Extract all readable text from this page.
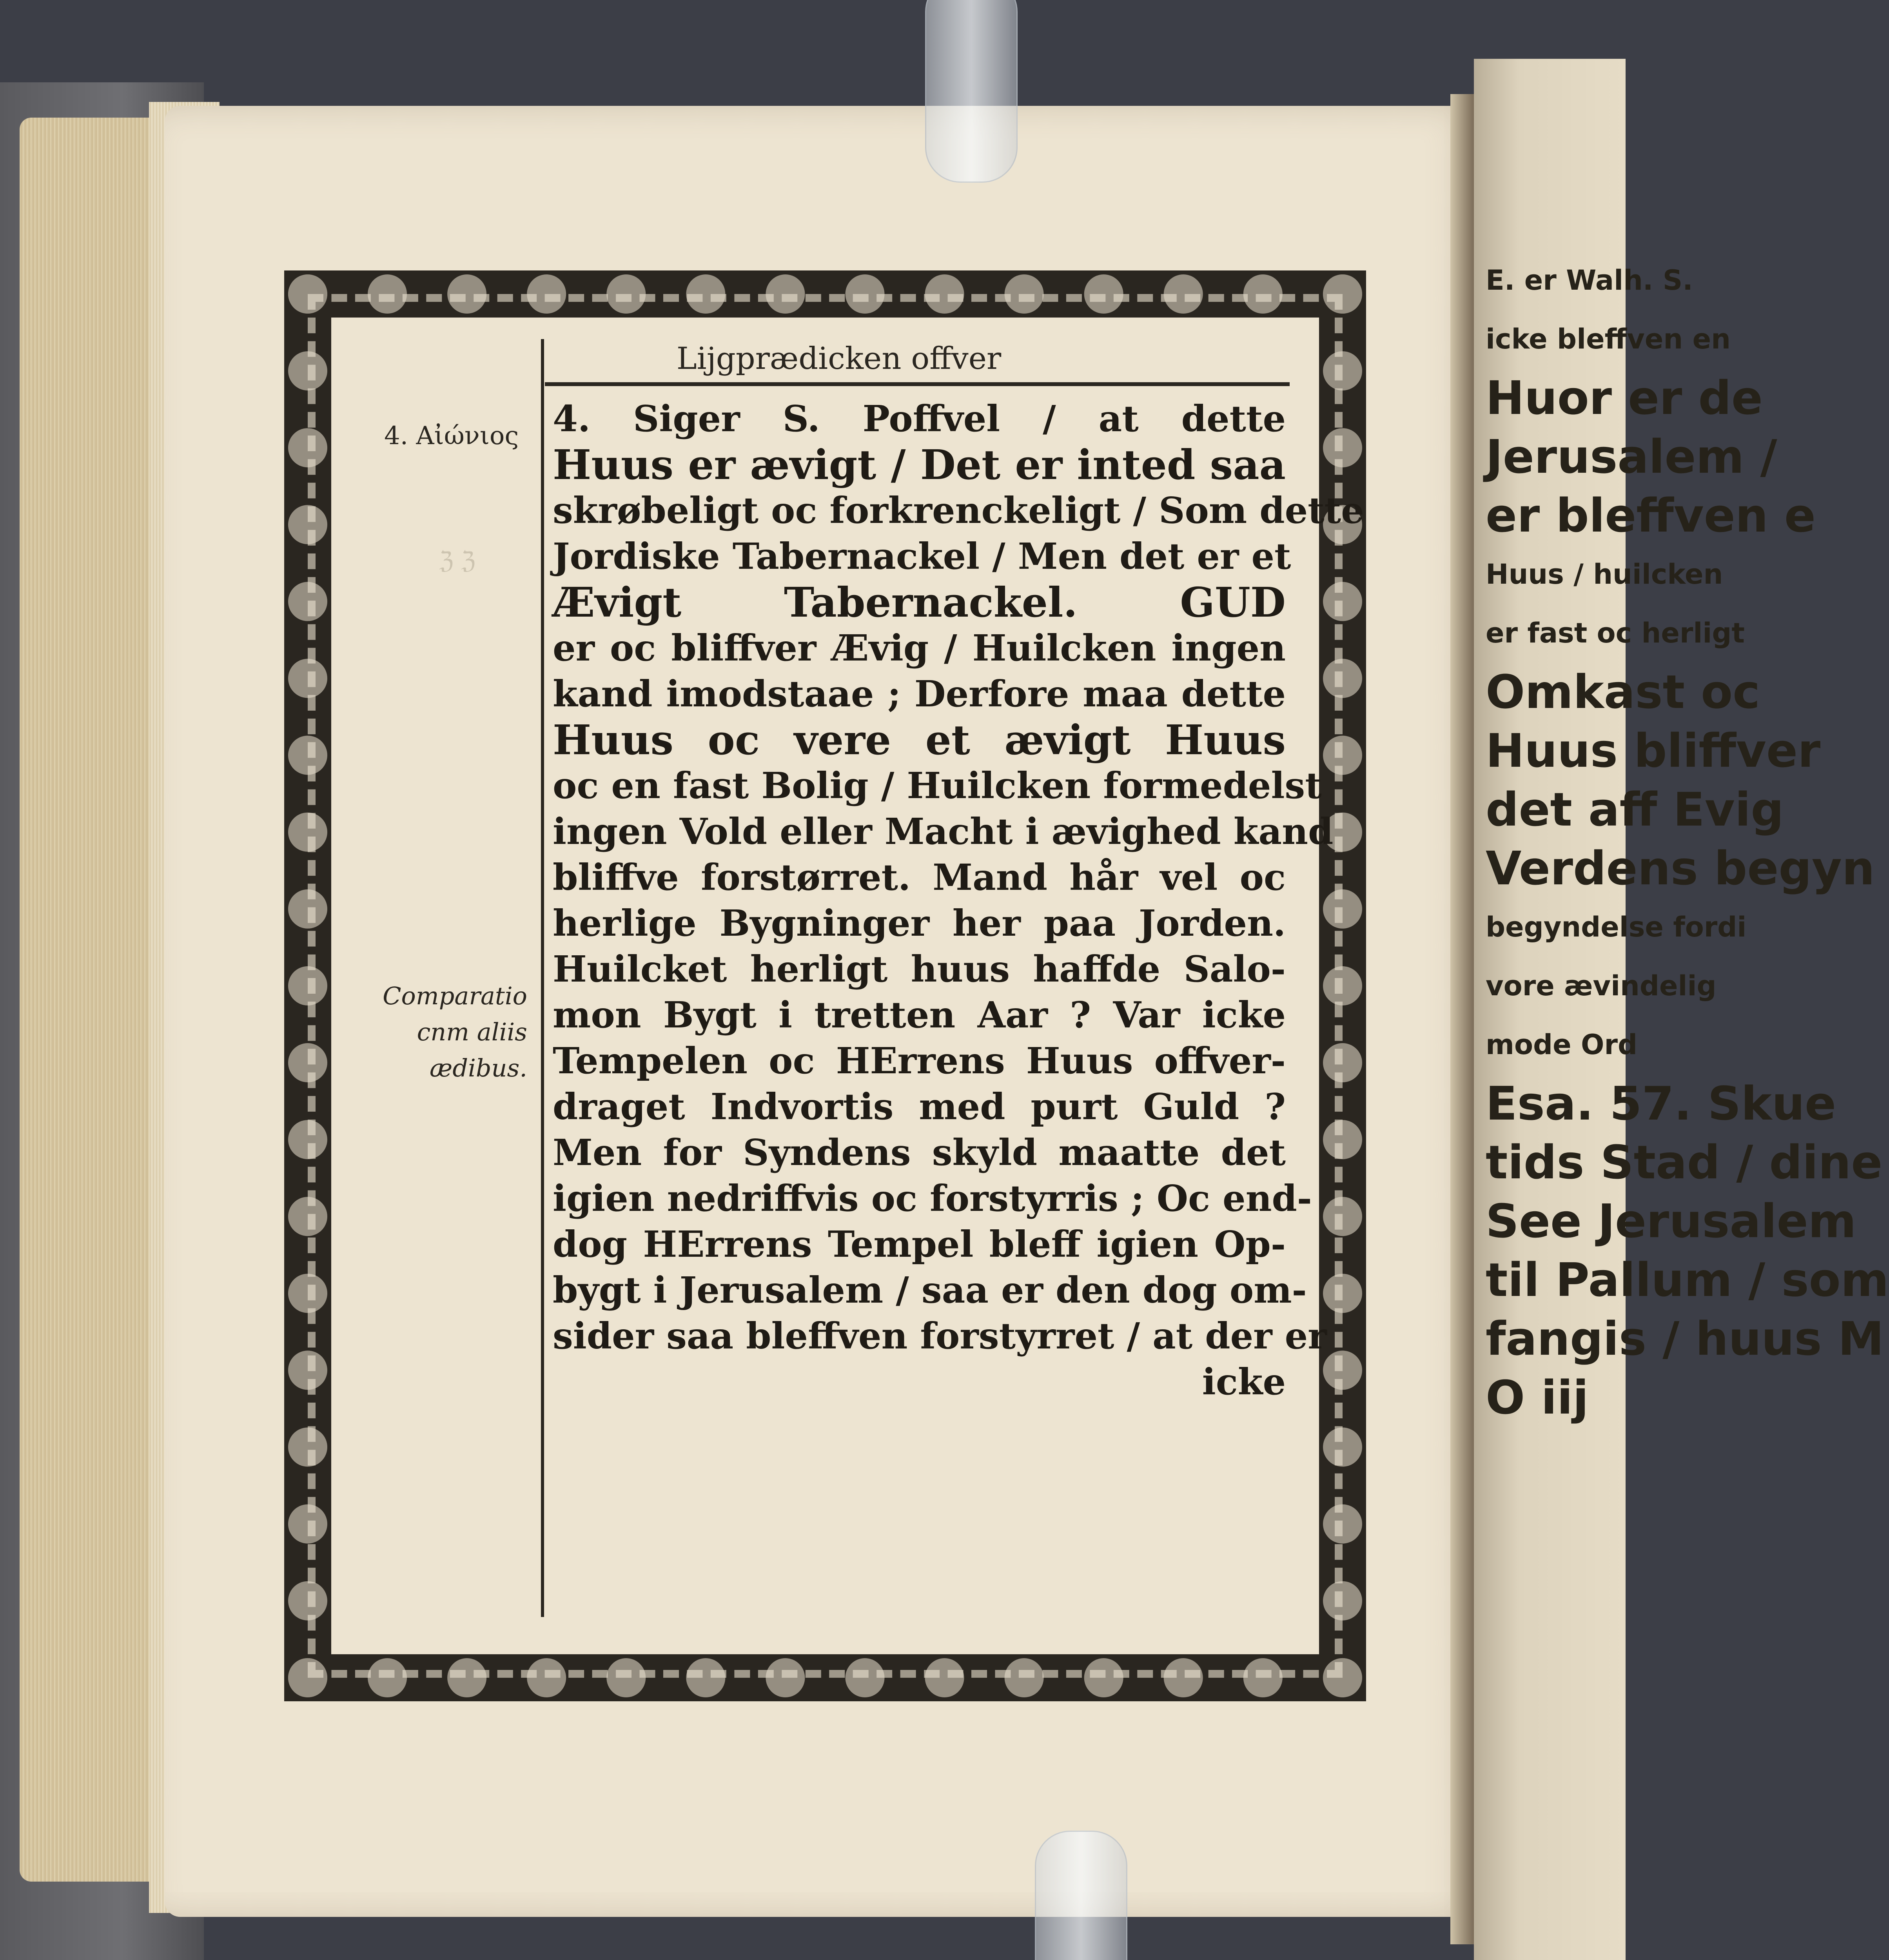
E. er Walh. S.
icke bleffven en
Huor er de
Jerusalem /
er bleffven e
Huus / huilcken
er fast oc herligt
Omkast oc
Huus bliffver
det aff Evig
Verdens begyn
begyndelse fordi
vore ævindelig
mode Ord
Esa. 57. Skue
tids Stad / dine
See Jerusalem
til Pallum / som
fangis / huus M
O iij
ℨ ℨ
Lijgprædicken offver
4. Αἰώνιος
Comparatio cnm aliis ædibus.
4. Siger S. Poffvel / at dette
Huus er ævigt / Det er inted saa
skrøbeligt oc forkrenckeligt / Som dette
Jordiske Tabernackel / Men det er et
Ævigt Tabernackel. GUD
er oc bliffver Ævig / Huilcken ingen
kand imodstaae ; Derfore maa dette
Huus oc vere et ævigt Huus
oc en fast Bolig / Huilcken formedelst
ingen Vold eller Macht i ævighed kand
bliffve forstørret. Mand hår vel oc
herlige Bygninger her paa Jorden.
Huilcket herligt huus haffde Salo-
mon Bygt i tretten Aar ? Var icke
Tempelen oc HErrens Huus offver-
draget Indvortis med purt Guld ?
Men for Syndens skyld maatte det
igien nedriffvis oc forstyrris ; Oc end-
dog HErrens Tempel bleff igien Op-
bygt i Jerusalem / saa er den dog om-
sider saa bleffven forstyrret / at der er
icke
